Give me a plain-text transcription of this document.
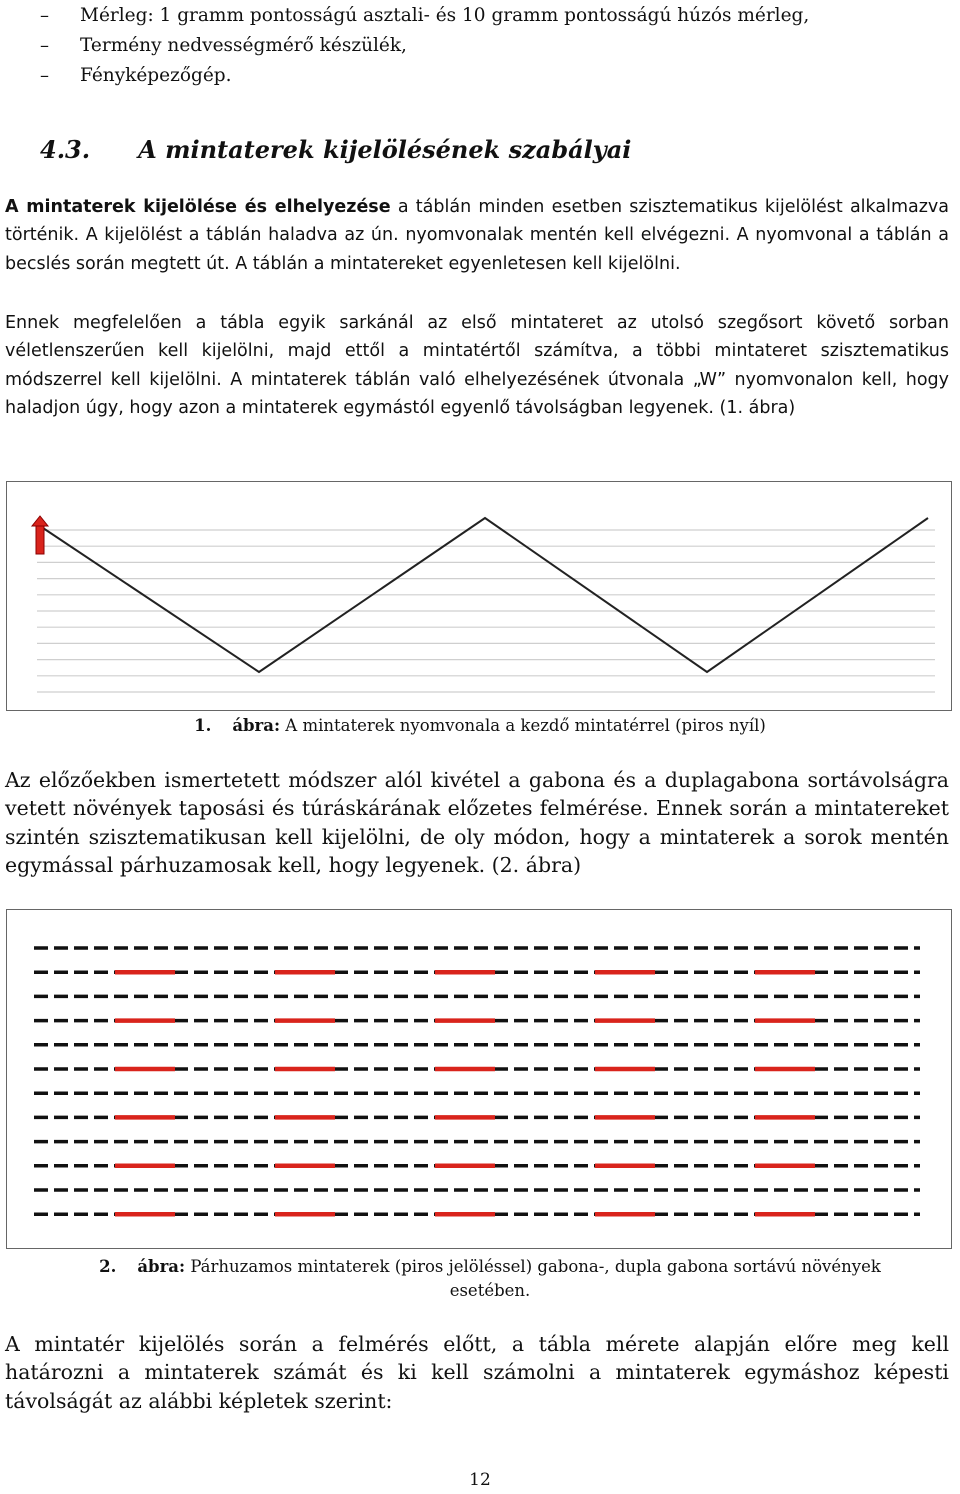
–	Mérleg: 1 gramm pontosságú asztali- és 10 gramm pontosságú húzós mérleg,
–	Termény nedvességmérő készülék,
–	Fényképezőgép.
4.3. A mintaterek kijelölésének szabályai

A mintaterek kijelölése és elhelyezése a táblán minden esetben szisztematikus kijelölést alkalmazva történik. A kijelölést a táblán haladva az ún. nyomvonalak mentén kell elvégezni. A nyomvonal a táblán a becslés során megtett út. A táblán a mintatereket egyenletesen kell kijelölni.

Ennek megfelelően a tábla egyik sarkánál az első mintateret az utolsó szegősort követő sorban véletlenszerűen kell kijelölni, majd ettől a mintatértől számítva, a többi mintateret szisztematikus módszerrel kell kijelölni. A mintaterek táblán való elhelyezésének útvonala „W” nyomvonalon kell, hogy haladjon úgy, hogy azon a mintaterek egymástól egyenlő távolságban legyenek. (1. ábra)

1. ábra: A mintaterek nyomvonala a kezdő mintatérrel (piros nyíl)

Az előzőekben ismertetett módszer alól kivétel a gabona és a duplagabona sortávolságra vetett növények taposási és túráskárának előzetes felmérése. Ennek során a mintatereket szintén szisztematikusan kell kijelölni, de oly módon, hogy a mintaterek a sorok mentén egymással párhuzamosak kell, hogy legyenek. (2. ábra)

2. ábra: Párhuzamos mintaterek (piros jelöléssel) gabona-, dupla gabona sortávú növények esetében.

A mintatér kijelölés során a felmérés előtt, a tábla mérete alapján előre meg kell határozni a mintaterek számát és ki kell számolni a mintaterek egymáshoz képesti távolságát az alábbi képletek szerint:

12
